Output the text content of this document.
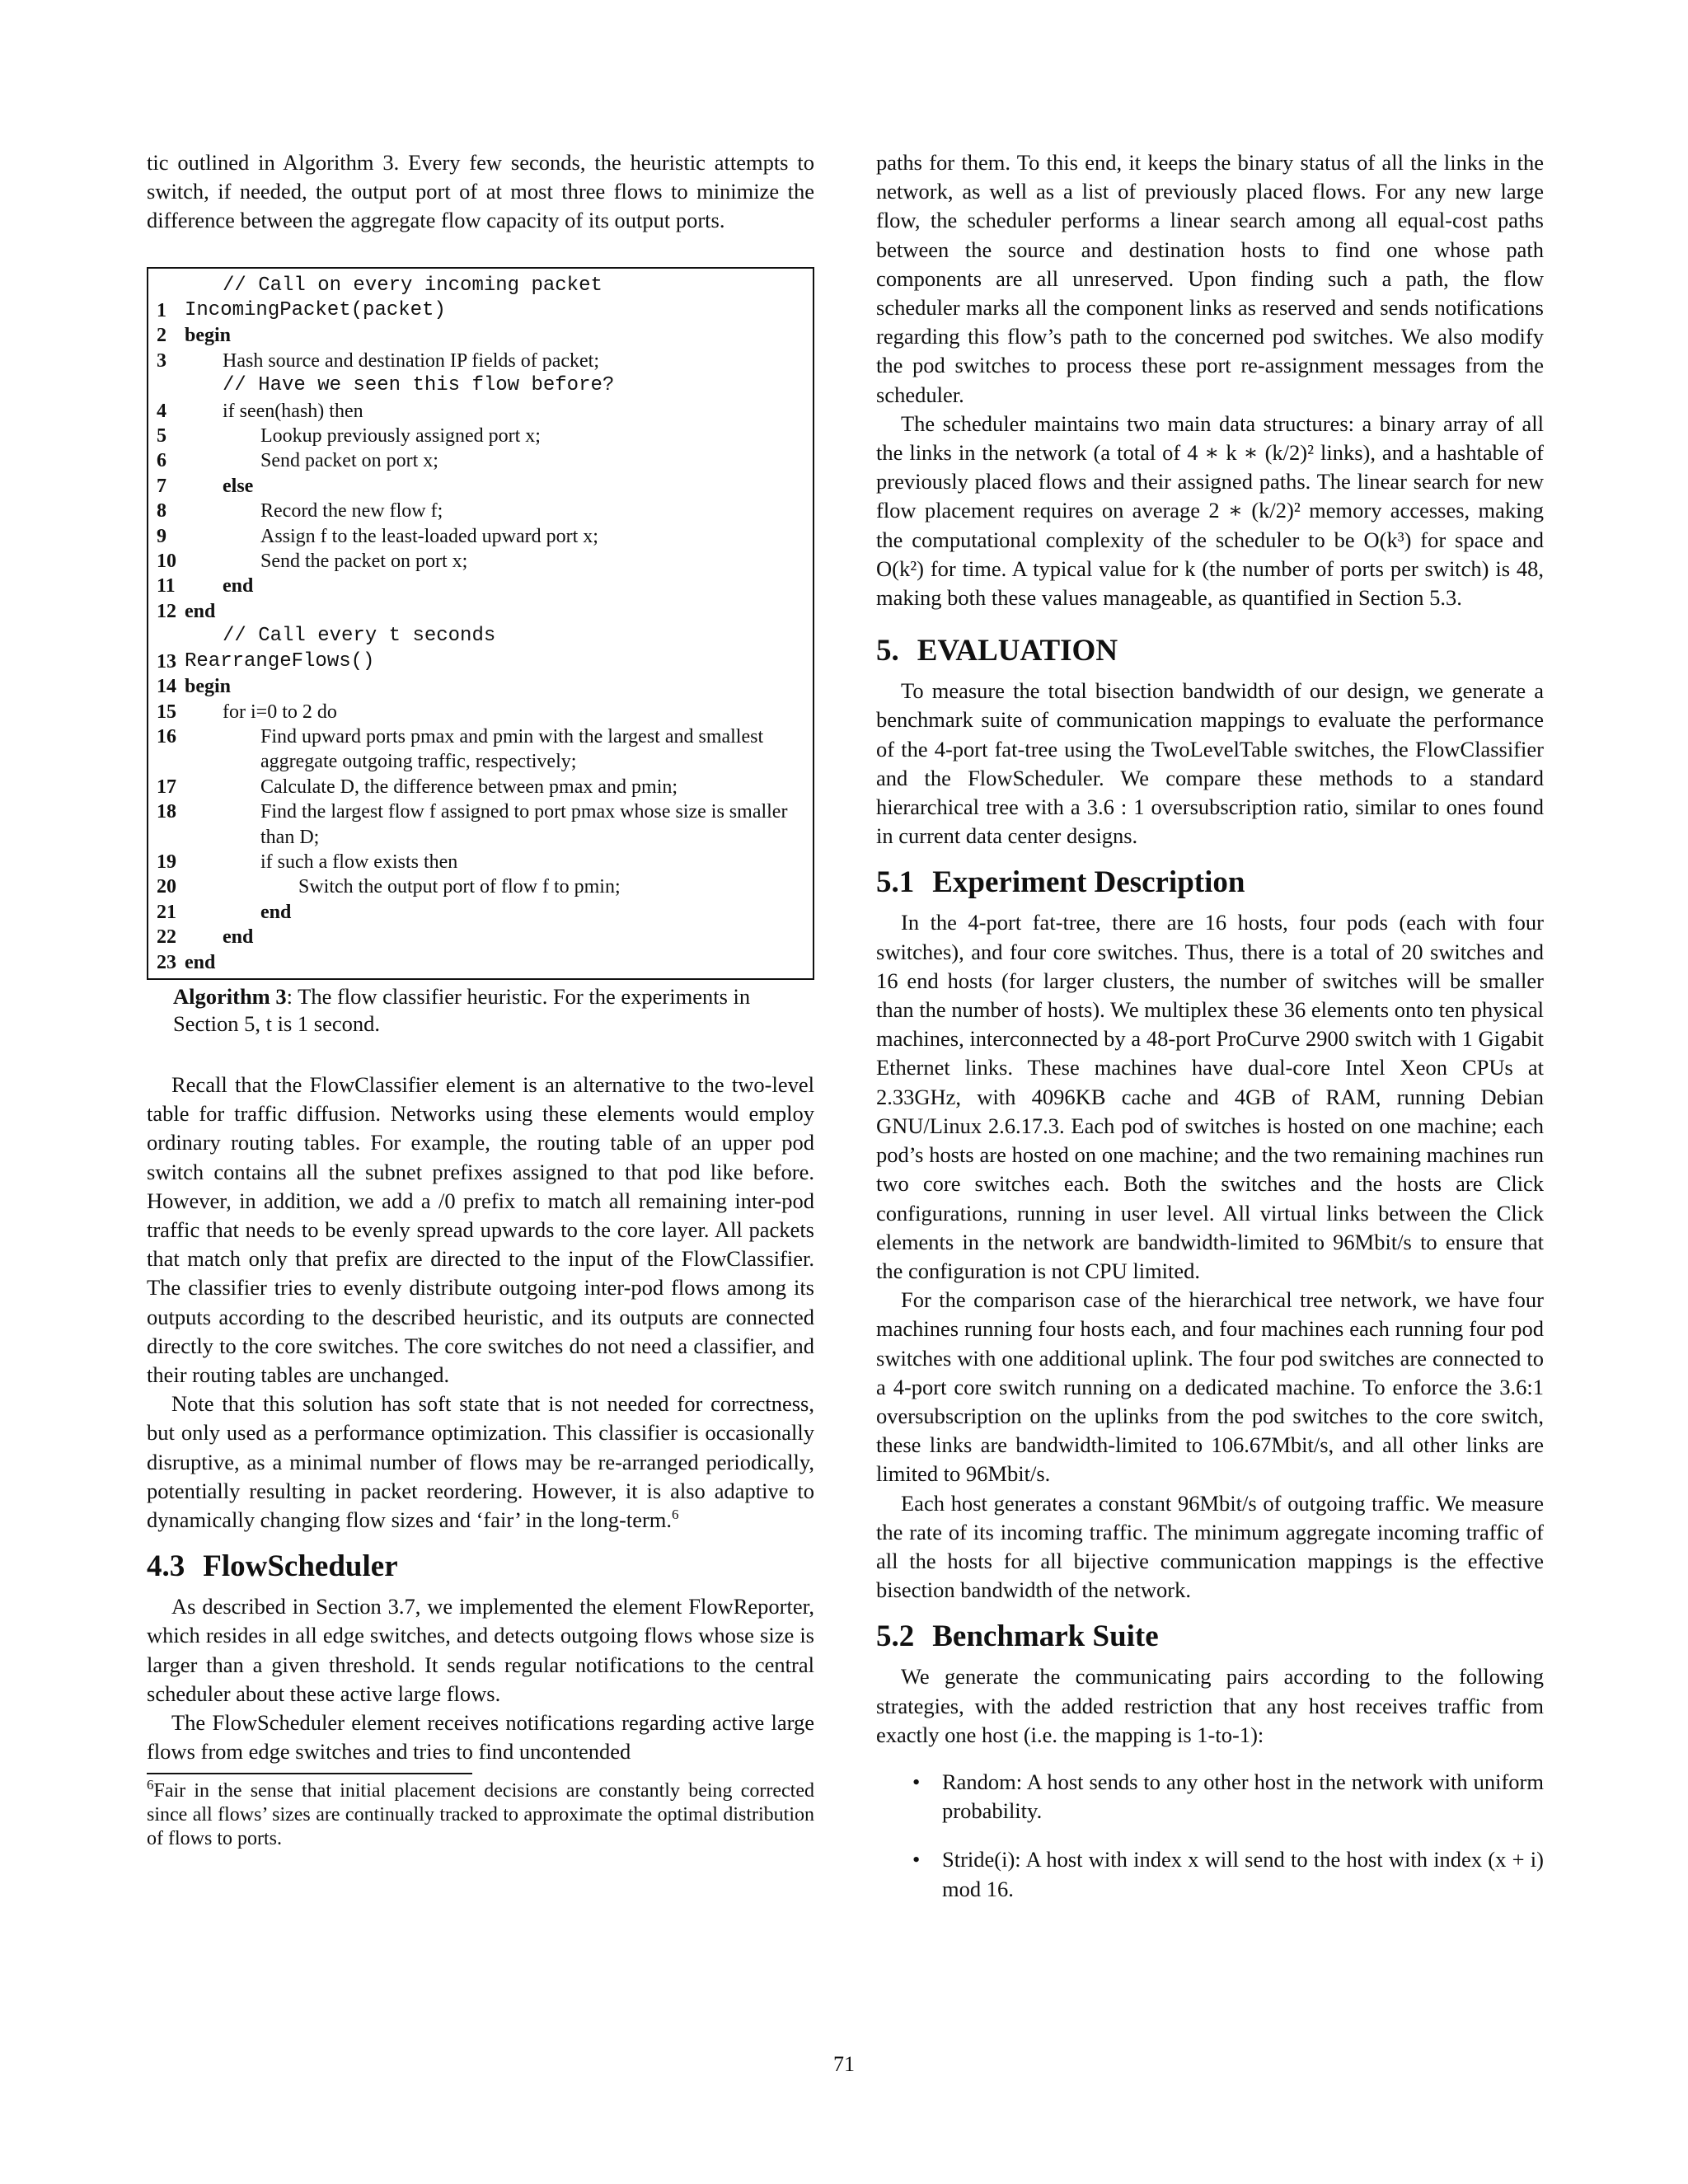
tic outlined in Algorithm 3. Every few seconds, the heuristic attempts to switch, if needed, the output port of at most three flows to minimize the difference between the aggregate flow capacity of its output ports.

// Call on every incoming packet
1 IncomingPacket(packet)
2 begin
3	Hash source and destination IP fields of packet;
// Have we seen this flow before?
4	if seen(hash) then
5	Lookup previously assigned port x;
6	Send packet on port x;
7	else
8	Record the new flow f;
9	Assign f to the least-loaded upward port x;
10	Send the packet on port x;
11	end
12 end
// Call every t seconds
13 RearrangeFlows()
14 begin
15	for i=0 to 2 do
16	Find upward ports pmax and pmin with the largest and smallest aggregate outgoing traffic, respectively;
17	Calculate D, the difference between pmax and pmin;
18	Find the largest flow f assigned to port pmax whose size is smaller than D;
19	if such a flow exists then
20	Switch the output port of flow f to pmin;
21	end
22	end
23 end
Algorithm 3: The flow classifier heuristic. For the experiments in Section 5, t is 1 second.

Recall that the FlowClassifier element is an alternative to the two-level table for traffic diffusion. Networks using these elements would employ ordinary routing tables. For example, the routing table of an upper pod switch contains all the subnet prefixes assigned to that pod like before. However, in addition, we add a /0 prefix to match all remaining inter-pod traffic that needs to be evenly spread upwards to the core layer. All packets that match only that prefix are directed to the input of the FlowClassifier. The classifier tries to evenly distribute outgoing inter-pod flows among its outputs according to the described heuristic, and its outputs are connected directly to the core switches. The core switches do not need a classifier, and their routing tables are unchanged.

Note that this solution has soft state that is not needed for correctness, but only used as a performance optimization. This classifier is occasionally disruptive, as a minimal number of flows may be re-arranged periodically, potentially resulting in packet reordering. However, it is also adaptive to dynamically changing flow sizes and ‘fair’ in the long-term.$^6$

4.3 FlowScheduler

As described in Section 3.7, we implemented the element FlowReporter, which resides in all edge switches, and detects outgoing flows whose size is larger than a given threshold. It sends regular notifications to the central scheduler about these active large flows.

The FlowScheduler element receives notifications regarding active large flows from edge switches and tries to find uncontended

$^6$Fair in the sense that initial placement decisions are constantly being corrected since all flows’ sizes are continually tracked to approximate the optimal distribution of flows to ports.

paths for them. To this end, it keeps the binary status of all the links in the network, as well as a list of previously placed flows. For any new large flow, the scheduler performs a linear search among all equal-cost paths between the source and destination hosts to find one whose path components are all unreserved. Upon finding such a path, the flow scheduler marks all the component links as reserved and sends notifications regarding this flow’s path to the concerned pod switches. We also modify the pod switches to process these port re-assignment messages from the scheduler.

The scheduler maintains two main data structures: a binary array of all the links in the network (a total of 4 ∗ k ∗ (k/2)² links), and a hashtable of previously placed flows and their assigned paths. The linear search for new flow placement requires on average 2 ∗ (k/2)² memory accesses, making the computational complexity of the scheduler to be O(k³) for space and O(k²) for time. A typical value for k (the number of ports per switch) is 48, making both these values manageable, as quantified in Section 5.3.

5. EVALUATION

To measure the total bisection bandwidth of our design, we generate a benchmark suite of communication mappings to evaluate the performance of the 4-port fat-tree using the TwoLevelTable switches, the FlowClassifier and the FlowScheduler. We compare these methods to a standard hierarchical tree with a 3.6 : 1 oversubscription ratio, similar to ones found in current data center designs.

5.1 Experiment Description

In the 4-port fat-tree, there are 16 hosts, four pods (each with four switches), and four core switches. Thus, there is a total of 20 switches and 16 end hosts (for larger clusters, the number of switches will be smaller than the number of hosts). We multiplex these 36 elements onto ten physical machines, interconnected by a 48-port ProCurve 2900 switch with 1 Gigabit Ethernet links. These machines have dual-core Intel Xeon CPUs at 2.33GHz, with 4096KB cache and 4GB of RAM, running Debian GNU/Linux 2.6.17.3. Each pod of switches is hosted on one machine; each pod’s hosts are hosted on one machine; and the two remaining machines run two core switches each. Both the switches and the hosts are Click configurations, running in user level. All virtual links between the Click elements in the network are bandwidth-limited to 96Mbit/s to ensure that the configuration is not CPU limited.

For the comparison case of the hierarchical tree network, we have four machines running four hosts each, and four machines each running four pod switches with one additional uplink. The four pod switches are connected to a 4-port core switch running on a dedicated machine. To enforce the 3.6:1 oversubscription on the uplinks from the pod switches to the core switch, these links are bandwidth-limited to 106.67Mbit/s, and all other links are limited to 96Mbit/s.

Each host generates a constant 96Mbit/s of outgoing traffic. We measure the rate of its incoming traffic. The minimum aggregate incoming traffic of all the hosts for all bijective communication mappings is the effective bisection bandwidth of the network.

5.2 Benchmark Suite

We generate the communicating pairs according to the following strategies, with the added restriction that any host receives traffic from exactly one host (i.e. the mapping is 1-to-1):

• Random: A host sends to any other host in the network with uniform probability.
• Stride(i): A host with index x will send to the host with index (x + i) mod 16.
71
